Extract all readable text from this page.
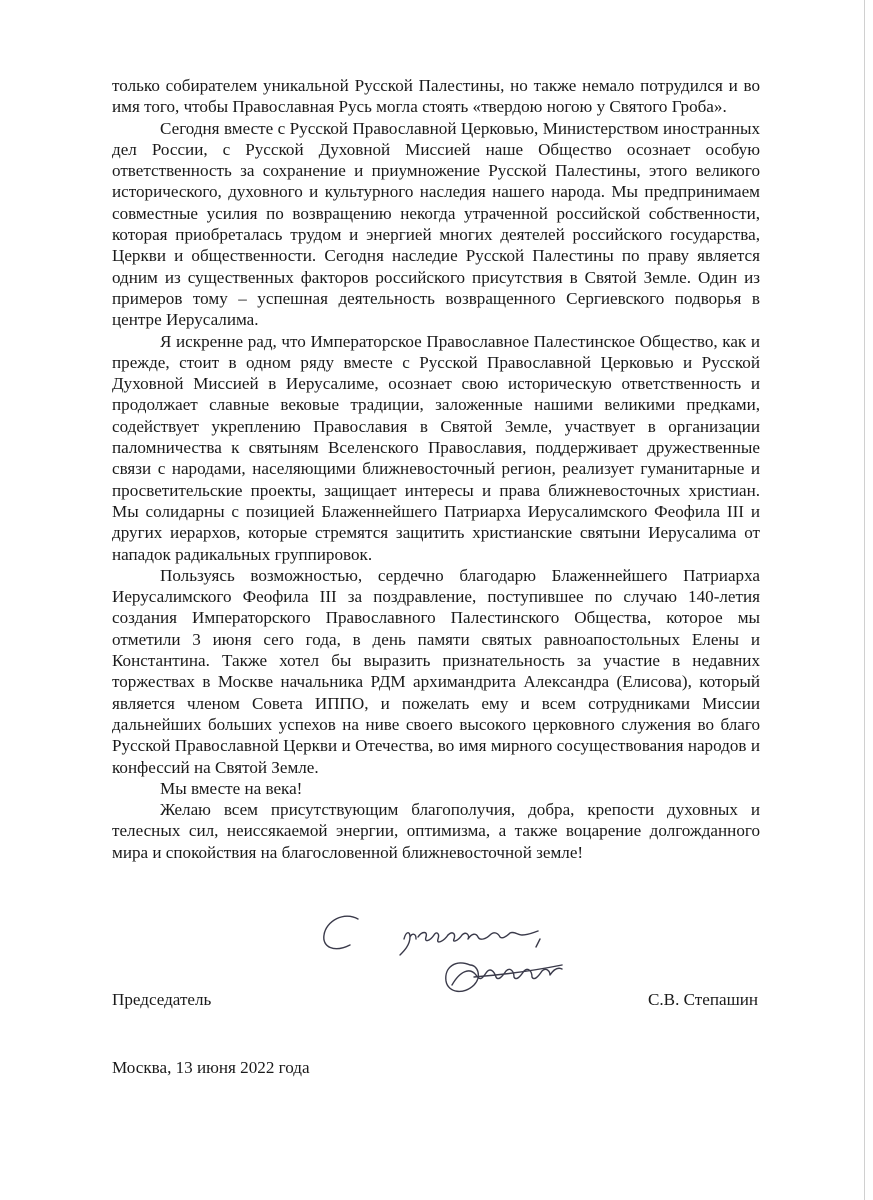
только собирателем уникальной Русской Палестины, но также немало потрудился и во имя того, чтобы Православная Русь могла стоять «твердою ногою у Святого Гроба».

Сегодня вместе с Русской Православной Церковью, Министерством иностранных дел России, с Русской Духовной Миссией наше Общество осознает особую ответственность за сохранение и приумножение Русской Палестины, этого великого исторического, духовного и культурного наследия нашего народа. Мы предпринимаем совместные усилия по возвращению некогда утраченной российской собственности, которая приобреталась трудом и энергией многих деятелей российского государства, Церкви и общественности. Сегодня наследие Русской Палестины по праву является одним из существенных факторов российского присутствия в Святой Земле. Один из примеров тому – успешная деятельность возвращенного Сергиевского подворья в центре Иерусалима.

Я искренне рад, что Императорское Православное Палестинское Общество, как и прежде, стоит в одном ряду вместе с Русской Православной Церковью и Русской Духовной Миссией в Иерусалиме, осознает свою историческую ответственность и продолжает славные вековые традиции, заложенные нашими великими предками, содействует укреплению Православия в Святой Земле, участвует в организации паломничества к святыням Вселенского Православия, поддерживает дружественные связи с народами, населяющими ближневосточный регион, реализует гуманитарные и просветительские проекты, защищает интересы и права ближневосточных христиан. Мы солидарны с позицией Блаженнейшего Патриарха Иерусалимского Феофила III и других иерархов, которые стремятся защитить христианские святыни Иерусалима от нападок радикальных группировок.

Пользуясь возможностью, сердечно благодарю Блаженнейшего Патриарха Иерусалимского Феофила III за поздравление, поступившее по случаю 140-летия создания Императорского Православного Палестинского Общества, которое мы отметили 3 июня сего года, в день памяти святых равноапостольных Елены и Константина. Также хотел бы выразить признательность за участие в недавних торжествах в Москве начальника РДМ архимандрита Александра (Елисова), который является членом Совета ИППО, и пожелать ему и всем сотрудниками Миссии дальнейших больших успехов на ниве своего высокого церковного служения во благо Русской Православной Церкви и Отечества, во имя мирного сосуществования народов и конфессий на Святой Земле.

Мы вместе на века!

Желаю всем присутствующим благополучия, добра, крепости духовных и телесных сил, неиссякаемой энергии, оптимизма, а также воцарение долгожданного мира и спокойствия на благословенной ближневосточной земле!

Председатель	С.В. Степашин
Москва, 13 июня 2022 года
